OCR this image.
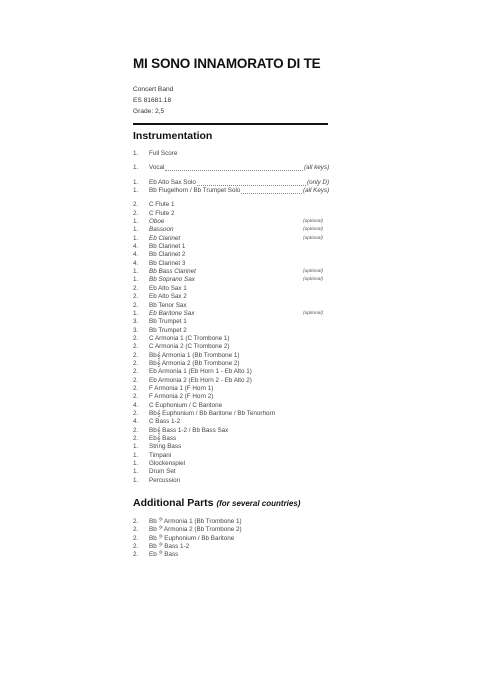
MI SONO INNAMORATO DI TE
Concert Band
ES 81681.18
Grade: 2,5
Instrumentation
1.	Full Score
1.	Vocal	(all keys)
1.	Eb Alto Sax Solo	(only D)
1.	Bb Flugelhorn / Bb Trumpet Solo	(all Keys)
2.	C Flute 1
2.	C Flute 2
1.	Oboe	(optional)
1.	Bassoon	(optional)
1.	Eb Clarinet	(optional)
4.	Bb Clarinet 1
4.	Bb Clarinet 2
4.	Bb Clarinet 3
1.	Bb Bass Clarinet	(optional)
1.	Bb Soprano Sax	(optional)
2.	Eb Alto Sax 1
2.	Eb Alto Sax 2
2.	Bb Tenor Sax
1.	Eb Baritone Sax	(optional)
3.	Bb Trumpet 1
3.	Bb Trumpet 2
2.	C Armonia 1 (C Trombone 1)
2.	C Armonia 2 (C Trombone 2)
2.	Bb𝄞 Armonia 1 (Bb Trombone 1)
2.	Bb𝄞 Armonia 2 (Bb Trombone 2)
2.	Eb Armonia 1 (Eb Horn 1 - Eb Alto 1)
2.	Eb Armonia 2 (Eb Horn 2 - Eb Alto 2)
2.	F Armonia 1 (F Horn 1)
2.	F Armonia 2 (F Horn 2)
4.	C Euphonium / C Baritone
2.	Bb𝄞 Euphonium / Bb Baritone / Bb Tenorhorn
4.	C Bass 1-2
2.	Bb𝄞 Bass 1-2 / Bb Bass Sax
2.	Eb𝄞 Bass
1.	String Bass
1.	Timpani
1.	Glockenspiel
1.	Drum Set
1.	Percussion
Additional Parts (for several countries)
2.	Bb 𝄢 Armonia 1 (Bb Trombone 1)
2.	Bb 𝄢 Armonia 2 (Bb Trombone 2)
2.	Bb 𝄢 Euphonium / Bb Baritone
2.	Bb 𝄢 Bass 1-2
2.	Eb 𝄢 Bass
